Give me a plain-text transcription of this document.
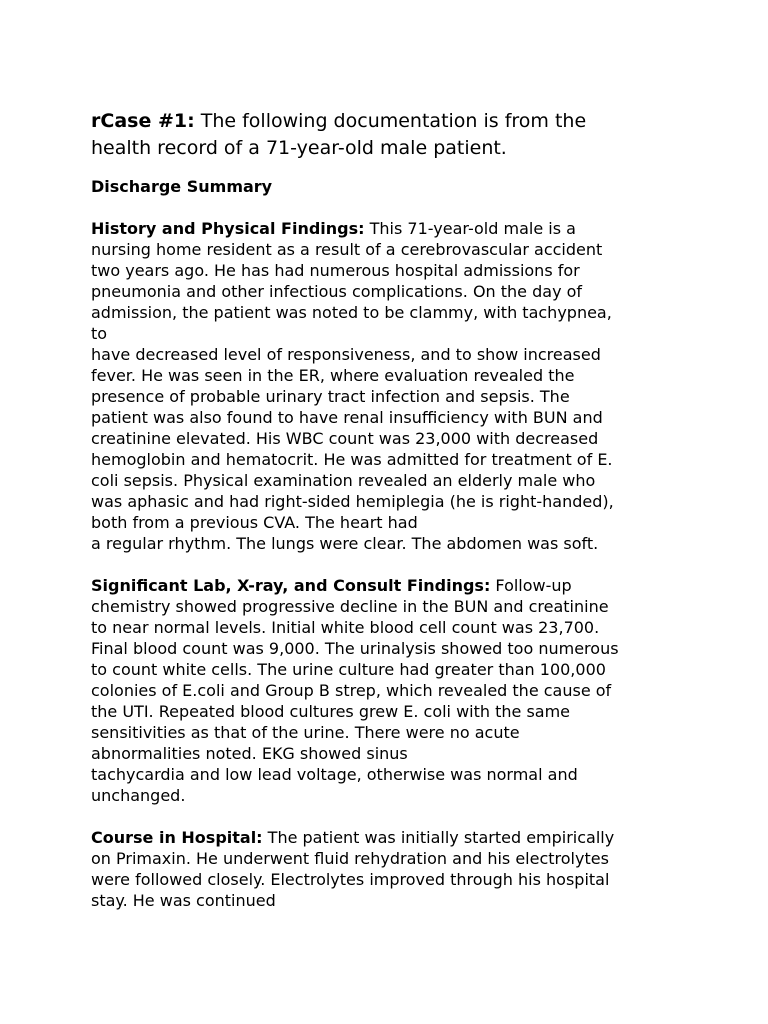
rCase #1: The following documentation is from the
health record of a 71-year-old male patient.
Discharge Summary
History and Physical Findings: This 71-year-old male is a
nursing home resident as a result of a cerebrovascular accident
two years ago. He has had numerous hospital admissions for
pneumonia and other infectious complications. On the day of
admission, the patient was noted to be clammy, with tachypnea,
to
have decreased level of responsiveness, and to show increased
fever. He was seen in the ER, where evaluation revealed the
presence of probable urinary tract infection and sepsis. The
patient was also found to have renal insufficiency with BUN and
creatinine elevated. His WBC count was 23,000 with decreased
hemoglobin and hematocrit. He was admitted for treatment of E.
coli sepsis. Physical examination revealed an elderly male who
was aphasic and had right-sided hemiplegia (he is right-handed),
both from a previous CVA. The heart had
a regular rhythm. The lungs were clear. The abdomen was soft.
Significant Lab, X-ray, and Consult Findings: Follow-up
chemistry showed progressive decline in the BUN and creatinine
to near normal levels. Initial white blood cell count was 23,700.
Final blood count was 9,000. The urinalysis showed too numerous
to count white cells. The urine culture had greater than 100,000
colonies of E.coli and Group B strep, which revealed the cause of
the UTI. Repeated blood cultures grew E. coli with the same
sensitivities as that of the urine. There were no acute
abnormalities noted. EKG showed sinus
tachycardia and low lead voltage, otherwise was normal and
unchanged.
Course in Hospital: The patient was initially started empirically
on Primaxin. He underwent fluid rehydration and his electrolytes
were followed closely. Electrolytes improved through his hospital
stay. He was continued
